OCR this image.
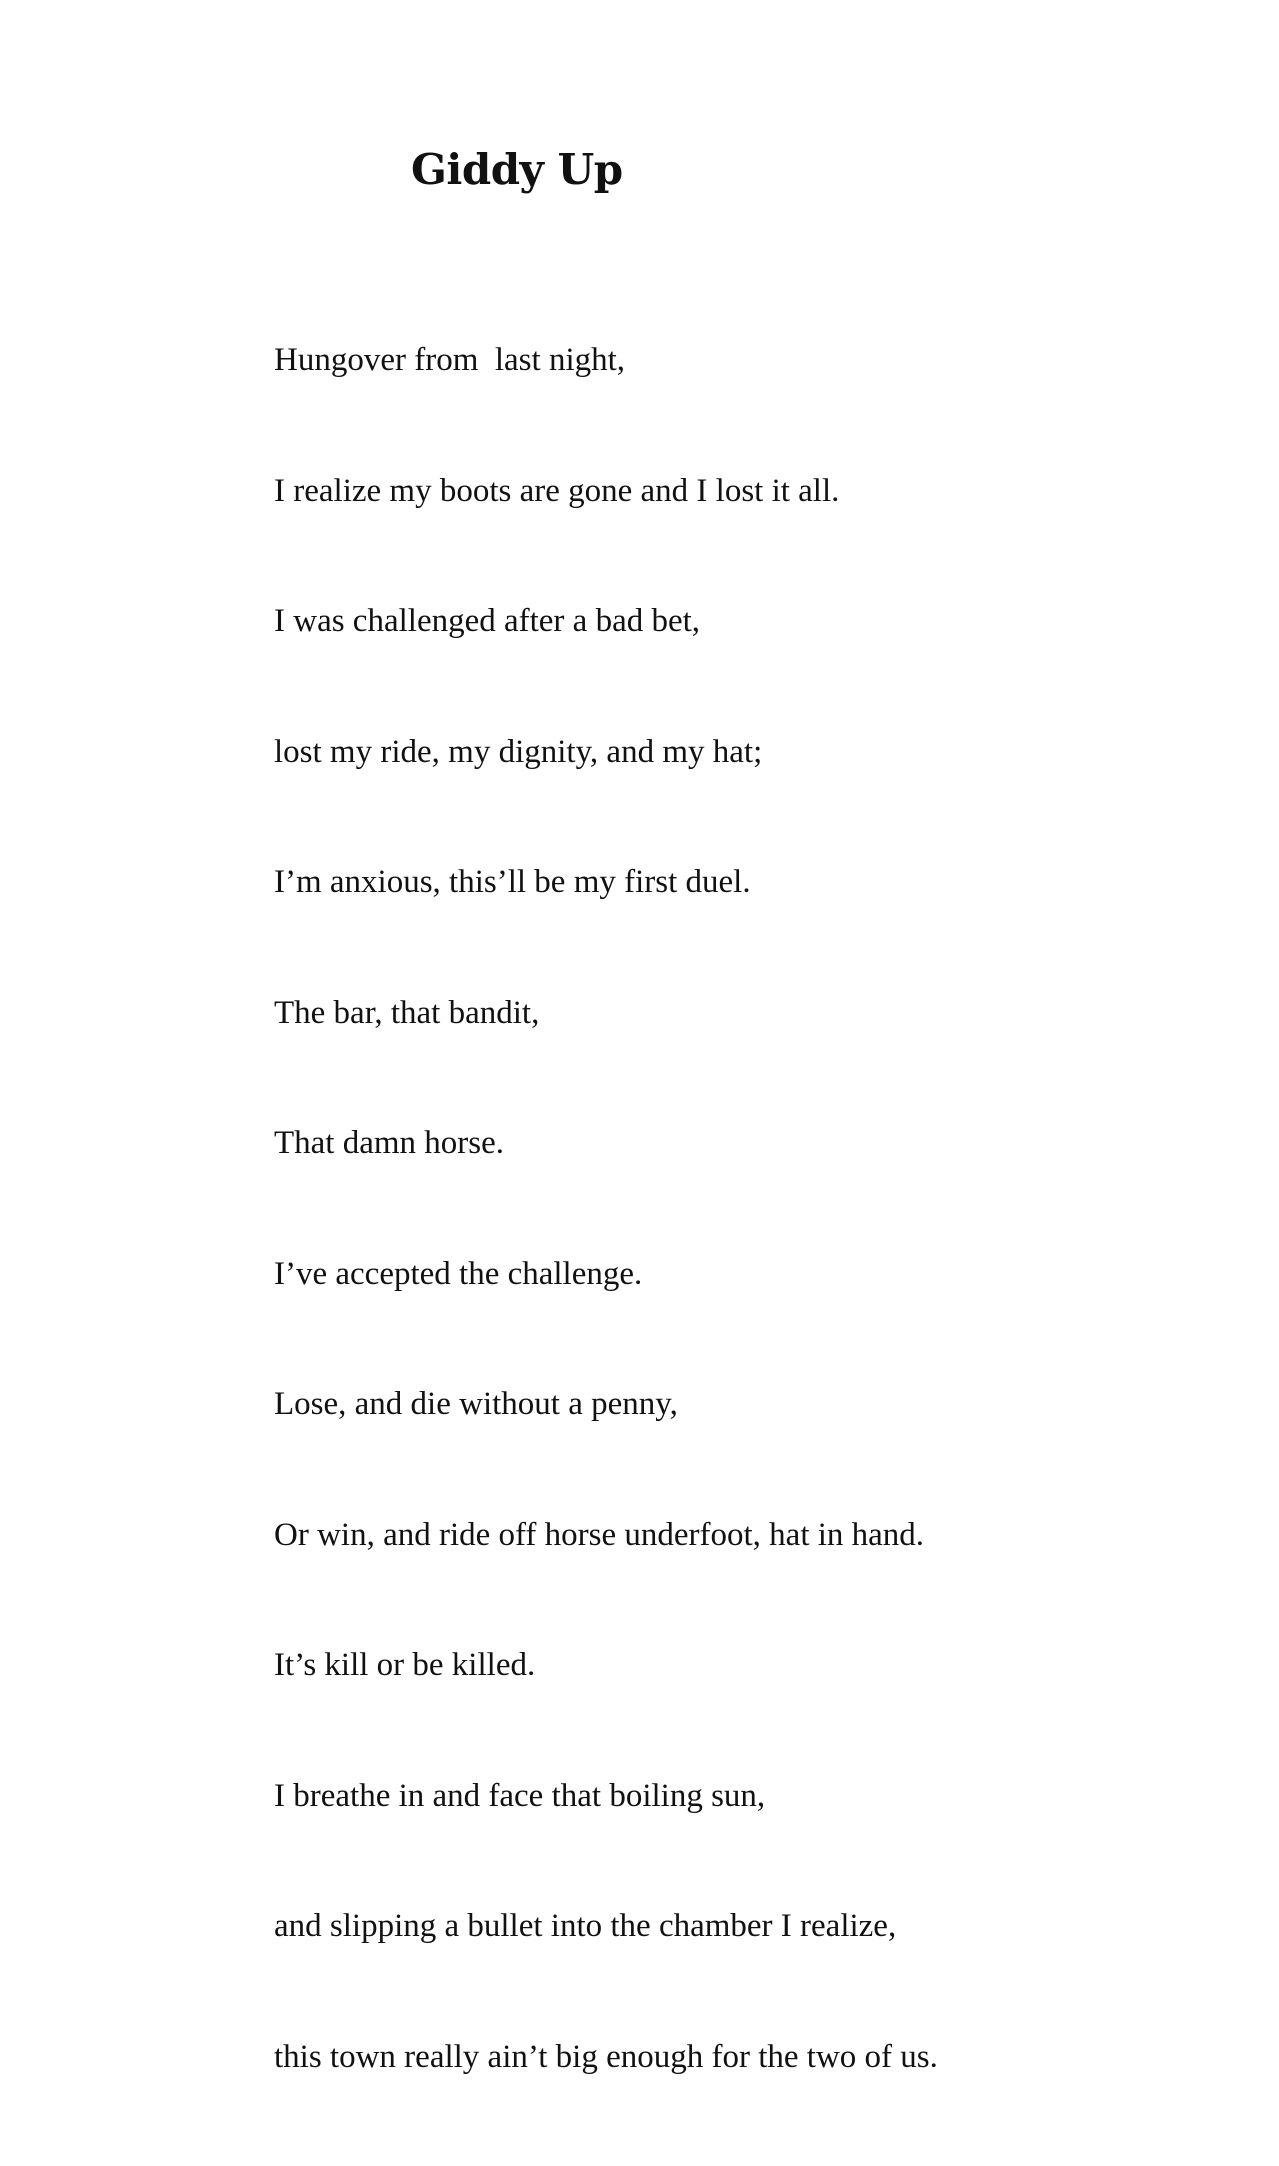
Giddy Up

Hungover from  last night,

I realize my boots are gone and I lost it all.

I was challenged after a bad bet,

lost my ride, my dignity, and my hat;

I’m anxious, this’ll be my first duel.

The bar, that bandit,

That damn horse.

I’ve accepted the challenge.

Lose, and die without a penny,

Or win, and ride off horse underfoot, hat in hand.

It’s kill or be killed.

I breathe in and face that boiling sun,

and slipping a bullet into the chamber I realize,

this town really ain’t big enough for the two of us.
